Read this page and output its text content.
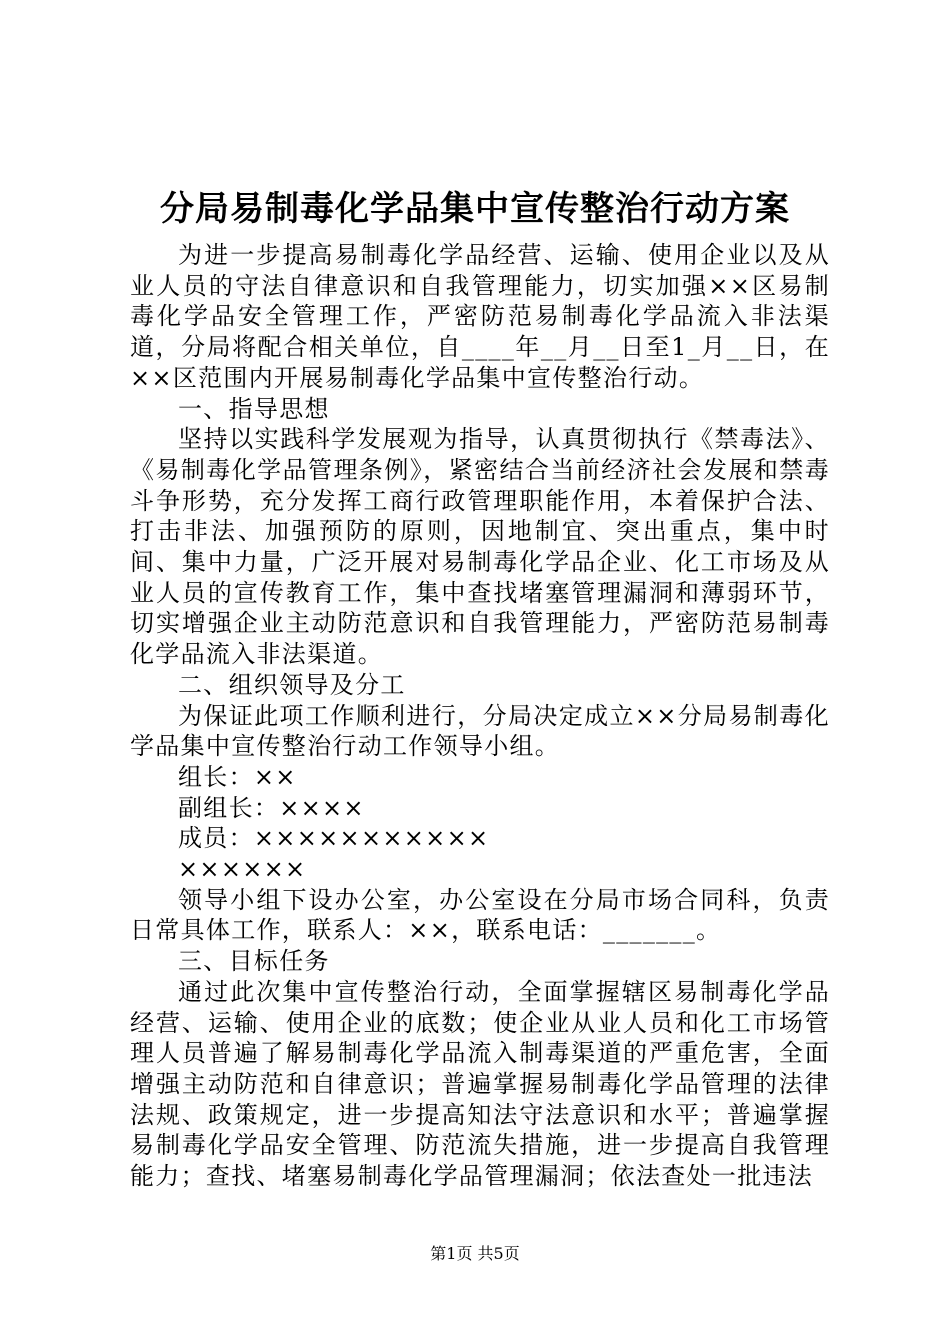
分局易制毒化学品集中宣传整治行动方案

为进一步提高易制毒化学品经营、运输、使用企业以及从业人员的守法自律意识和自我管理能力，切实加强××区易制毒化学品安全管理工作，严密防范易制毒化学品流入非法渠道，分局将配合相关单位，自____年__月__日至1_月__日，在××区范围内开展易制毒化学品集中宣传整治行动。

一、指导思想

坚持以实践科学发展观为指导，认真贯彻执行《禁毒法》、《易制毒化学品管理条例》，紧密结合当前经济社会发展和禁毒斗争形势，充分发挥工商行政管理职能作用，本着保护合法、打击非法、加强预防的原则，因地制宜、突出重点，集中时间、集中力量，广泛开展对易制毒化学品企业、化工市场及从业人员的宣传教育工作，集中查找堵塞管理漏洞和薄弱环节，切实增强企业主动防范意识和自我管理能力，严密防范易制毒化学品流入非法渠道。

二、组织领导及分工

为保证此项工作顺利进行，分局决定成立××分局易制毒化学品集中宣传整治行动工作领导小组。

组长：××

副组长：××××

成员：×××××××××××

××××××

领导小组下设办公室，办公室设在分局市场合同科，负责日常具体工作，联系人：××，联系电话：_______。

三、目标任务

通过此次集中宣传整治行动，全面掌握辖区易制毒化学品经营、运输、使用企业的底数；使企业从业人员和化工市场管理人员普遍了解易制毒化学品流入制毒渠道的严重危害，全面增强主动防范和自律意识；普遍掌握易制毒化学品管理的法律法规、政策规定，进一步提高知法守法意识和水平；普遍掌握易制毒化学品安全管理、防范流失措施，进一步提高自我管理能力；查找、堵塞易制毒化学品管理漏洞；依法查处一批违法

第1页 共5页
